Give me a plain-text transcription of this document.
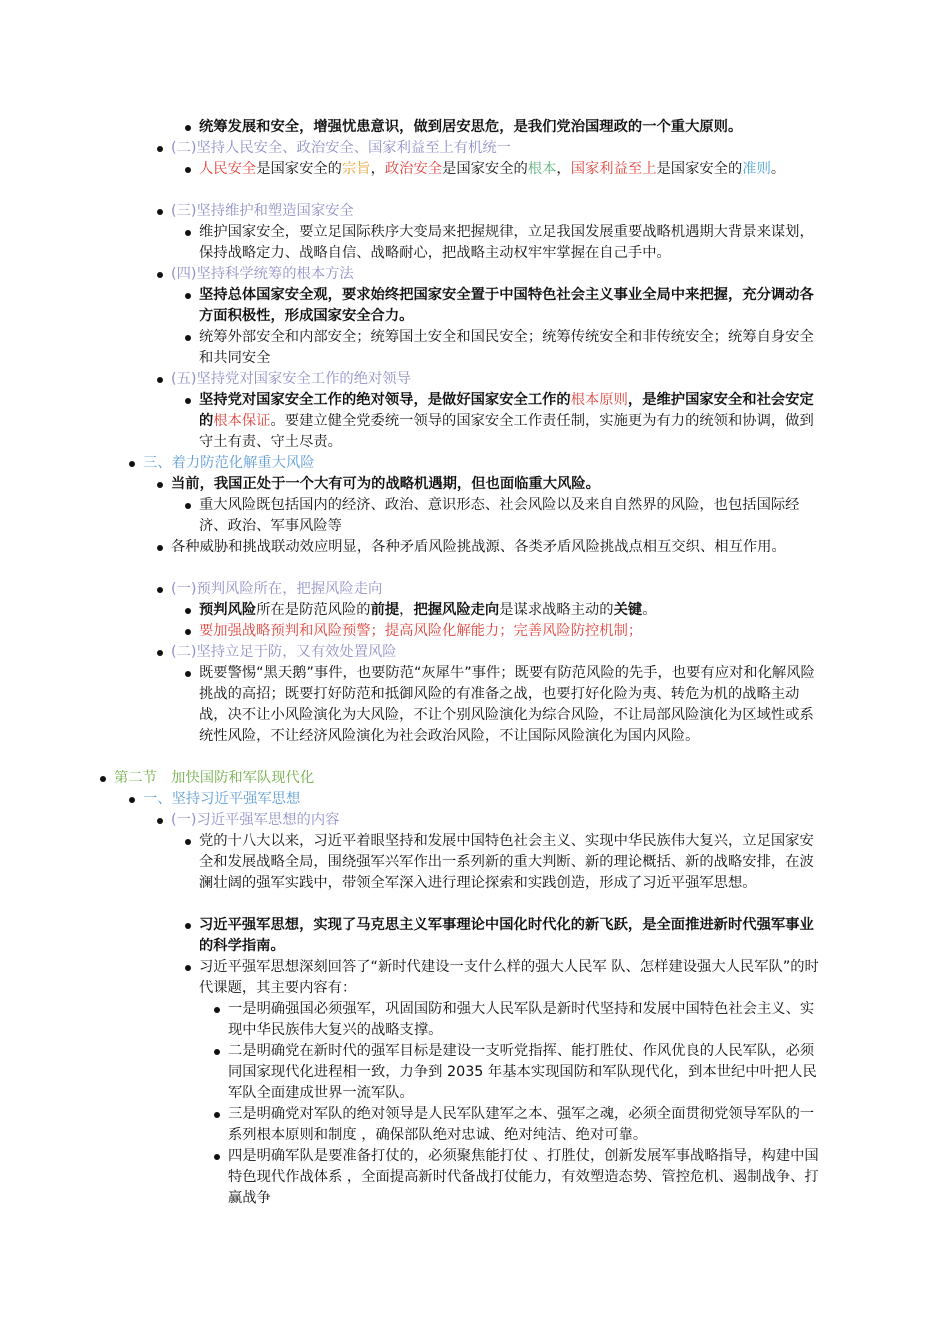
统筹发展和安全，增强忧患意识，做到居安思危，是我们党治国理政的一个重大原则。
(二)坚持人民安全、政治安全、国家利益至上有机统一
人民安全是国家安全的宗旨，政治安全是国家安全的根本，国家利益至上是国家安全的准则。
(三)坚持维护和塑造国家安全
维护国家安全，要立足国际秩序大变局来把握规律，立足我国发展重要战略机遇期大背景来谋划，保持战略定力、战略自信、战略耐心，把战略主动权牢牢掌握在自己手中。
(四)坚持科学统筹的根本方法
坚持总体国家安全观，要求始终把国家安全置于中国特色社会主义事业全局中来把握，充分调动各方面积极性，形成国家安全合力。
统筹外部安全和内部安全；统筹国土安全和国民安全；统筹传统安全和非传统安全；统筹自身安全和共同安全
(五)坚持党对国家安全工作的绝对领导
坚持党对国家安全工作的绝对领导，是做好国家安全工作的根本原则，是维护国家安全和社会安定的根本保证。要建立健全党委统一领导的国家安全工作责任制，实施更为有力的统领和协调，做到守土有责、守土尽责。
三、着力防范化解重大风险
当前，我国正处于一个大有可为的战略机遇期，但也面临重大风险。
重大风险既包括国内的经济、政治、意识形态、社会风险以及来自自然界的风险，也包括国际经济、政治、军事风险等
各种威胁和挑战联动效应明显，各种矛盾风险挑战源、各类矛盾风险挑战点相互交织、相互作用。
(一)预判风险所在，把握风险走向
预判风险所在是防范风险的前提，把握风险走向是谋求战略主动的关键。
要加强战略预判和风险预警；提高风险化解能力；完善风险防控机制；
(二)坚持立足于防，又有效处置风险
既要警惕“黑天鹅”事件，也要防范“灰犀牛”事件；既要有防范风险的先手，也要有应对和化解风险挑战的高招；既要打好防范和抵御风险的有准备之战，也要打好化险为夷、转危为机的战略主动战，决不让小风险演化为大风险，不让个别风险演化为综合风险，不让局部风险演化为区域性或系统性风险，不让经济风险演化为社会政治风险，不让国际风险演化为国内风险。
第二节　加快国防和军队现代化
一、坚持习近平强军思想
(一)习近平强军思想的内容
党的十八大以来，习近平着眼坚持和发展中国特色社会主义、实现中华民族伟大复兴，立足国家安全和发展战略全局，围绕强军兴军作出一系列新的重大判断、新的理论概括、新的战略安排，在波澜壮阔的强军实践中，带领全军深入进行理论探索和实践创造，形成了习近平强军思想。
习近平强军思想，实现了马克思主义军事理论中国化时代化的新飞跃，是全面推进新时代强军事业的科学指南。
习近平强军思想深刻回答了“新时代建设一支什么样的强大人民军 队、怎样建设强大人民军队”的时代课题，其主要内容有：
一是明确强国必须强军，巩固国防和强大人民军队是新时代坚持和发展中国特色社会主义、实现中华民族伟大复兴的战略支撑。
二是明确党在新时代的强军目标是建设一支听党指挥、能打胜仗、作风优良的人民军队，必须同国家现代化进程相一致，力争到 2035 年基本实现国防和军队现代化，到本世纪中叶把人民军队全面建成世界一流军队。
三是明确党对军队的绝对领导是人民军队建军之本、强军之魂，必须全面贯彻党领导军队的一系列根本原则和制度 ，确保部队绝对忠诚、绝对纯洁、绝对可靠。
四是明确军队是要准备打仗的，必须聚焦能打仗 、打胜仗，创新发展军事战略指导，构建中国特色现代作战体系 ，全面提高新时代备战打仗能力，有效塑造态势、管控危机、遏制战争、打赢战争
